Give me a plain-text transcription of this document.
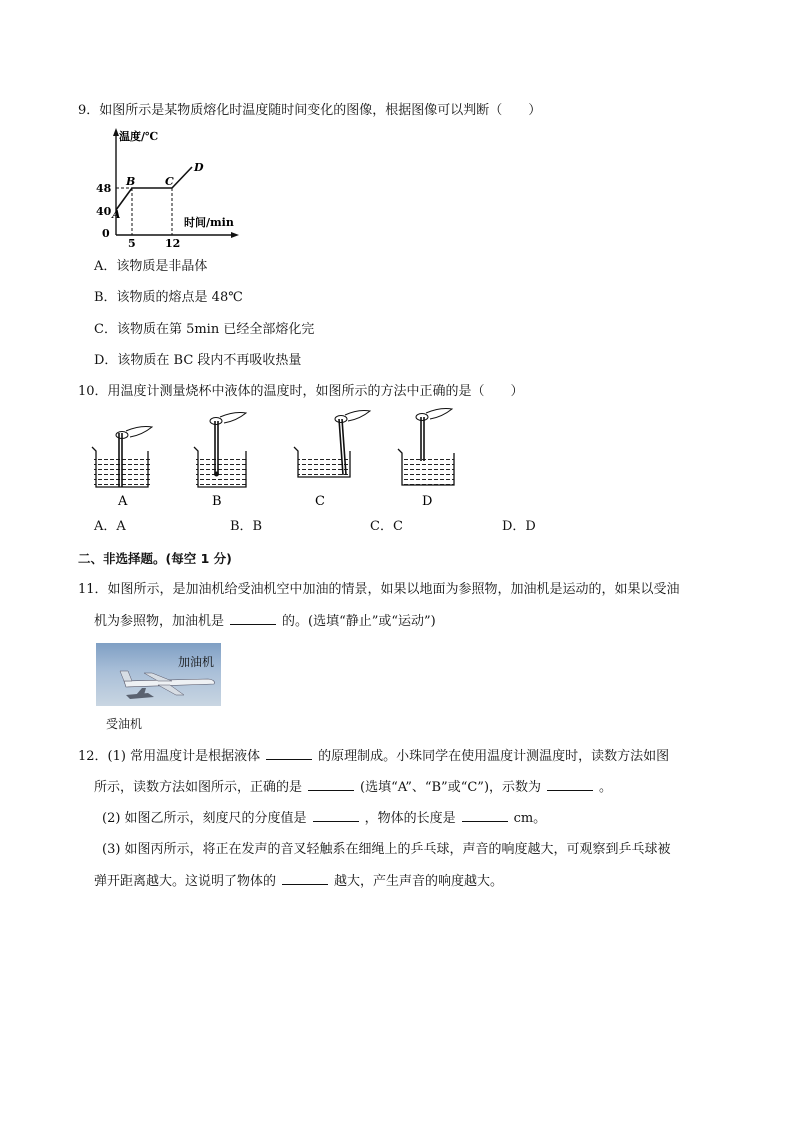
9．如图所示是某物质熔化时温度随时间变化的图像，根据图像可以判断（　　）
温度/℃
时间/min
0
40
48
5	12
A
B	C
D
A．该物质是非晶体
B．该物质的熔点是 48℃
C．该物质在第 5min 已经全部熔化完
D．该物质在 BC 段内不再吸收热量
10．用温度计测量烧杯中液体的温度时，如图所示的方法中正确的是（　　）
A	B	C	D
A．A	B．B	C．C	D．D
二、非选择题。(每空 1 分)
11．如图所示，是加油机给受油机空中加油的情景，如果以地面为参照物，加油机是运动的，如果以受油
机为参照物，加油机是	的。(选填“静止”或“运动”)
加油机
受油机
12．(1) 常用温度计是根据液体	的原理制成。小珠同学在使用温度计测温度时，读数方法如图
所示，读数方法如图所示，正确的是	(选填“A”、“B”或“C”)，示数为	。
(2) 如图乙所示，刻度尺的分度值是	，物体的长度是	cm。
(3) 如图丙所示，将正在发声的音叉轻触系在细绳上的乒乓球，声音的响度越大，可观察到乒乓球被
弹开距离越大。这说明了物体的	越大，产生声音的响度越大。
